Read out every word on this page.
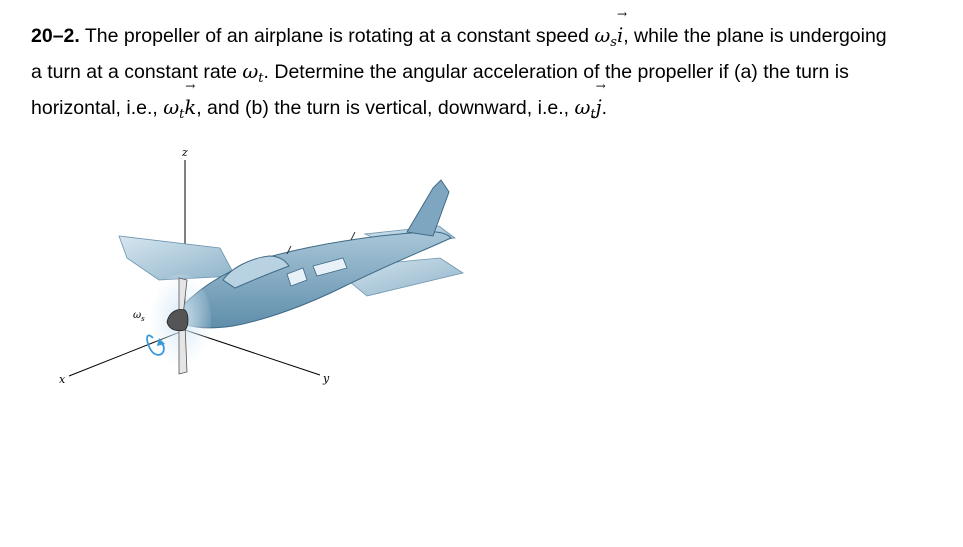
20–2. The propeller of an airplane is rotating at a constant speed $\omega_s$
→
i, while the plane is undergoing
a turn at a constant rate $\omega_t$. Determine the angular acceleration of the propeller if (a) the turn is
horizontal, i.e., $\omega_t$
→
k, and (b) the turn is vertical, downward, i.e., $\omega_t$
→
j.
z
y
x
$\omega_s$
